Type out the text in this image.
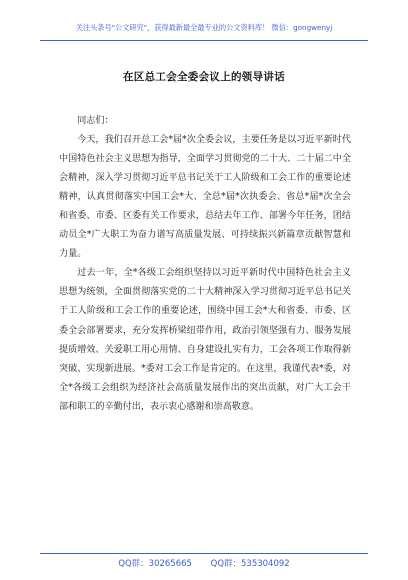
关注头条号"公文研究"，获得最新最全最专业的公文资料库！ 微信：gongwenyj
在区总工会全委会议上的领导讲话

同志们：

今天，我们召开总工会*届*次全委会议，主要任务是以习近平新时代中国特色社会主义思想为指导，全面学习贯彻党的二十大、二十届二中全会精神，深入学习贯彻习近平总书记关于工人阶级和工会工作的重要论述精神，认真贯彻落实中国工会*大、全总*届*次执委会、省总*届*次全会和省委、市委、区委有关工作要求，总结去年工作、部署今年任务，团结动员全*广大职工为奋力谱写高质量发展、可持续振兴新篇章贡献智慧和力量。

过去一年，全*各级工会组织坚持以习近平新时代中国特色社会主义思想为统领，全面贯彻落实党的二十大精神深入学习贯彻习近平总书记关于工人阶级和工会工作的重要论述，围绕中国工会*大和省委、市委、区委全会部署要求，充分发挥桥梁纽带作用，政治引领坚强有力、服务发展提质增效、关爱职工用心用情、自身建设扎实有力，工会各项工作取得新突破、实现新进展。*委对工会工作是肯定的。在这里，我谨代表*委，对全*各级工会组织为经济社会高质量发展作出的突出贡献，对广大工会干部和职工的辛勤付出，表示衷心感谢和崇高敬意。

QQ群：30265665 QQ群：535304092
